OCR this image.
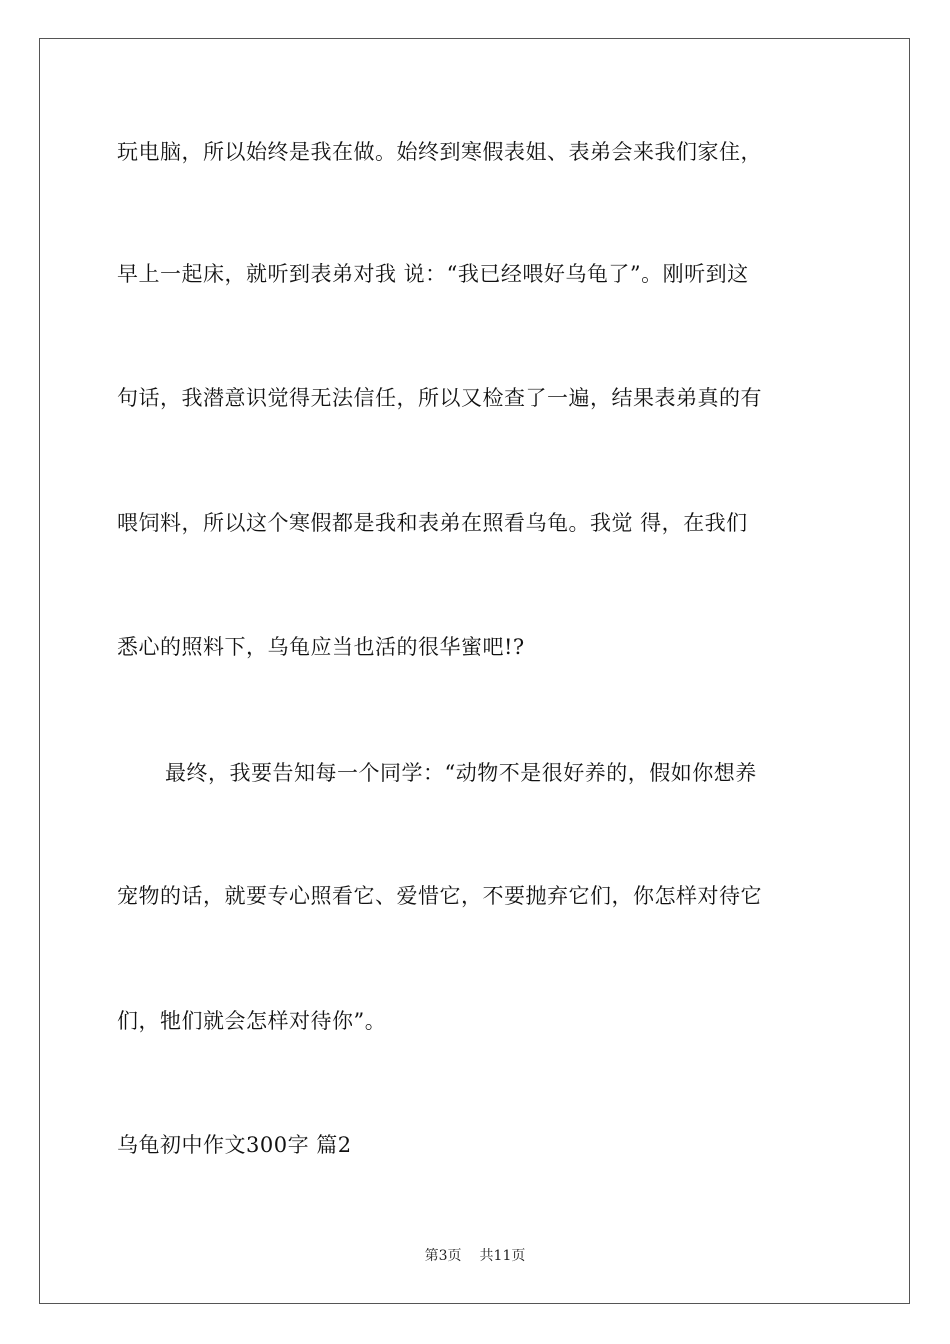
玩电脑，所以始终是我在做。始终到寒假表姐、表弟会来我们家住，
早上一起床，就听到表弟对我 说：“我已经喂好乌龟了”。刚听到这
句话，我潜意识觉得无法信任，所以又检查了一遍，结果表弟真的有
喂饲料，所以这个寒假都是我和表弟在照看乌龟。我觉 得，在我们
悉心的照料下，乌龟应当也活的很华蜜吧!?
最终，我要告知每一个同学：“动物不是很好养的，假如你想养
宠物的话，就要专心照看它、爱惜它，不要抛弃它们，你怎样对待它
们，牠们就会怎样对待你”。
乌龟初中作文300字 篇2
第3页 共11页
